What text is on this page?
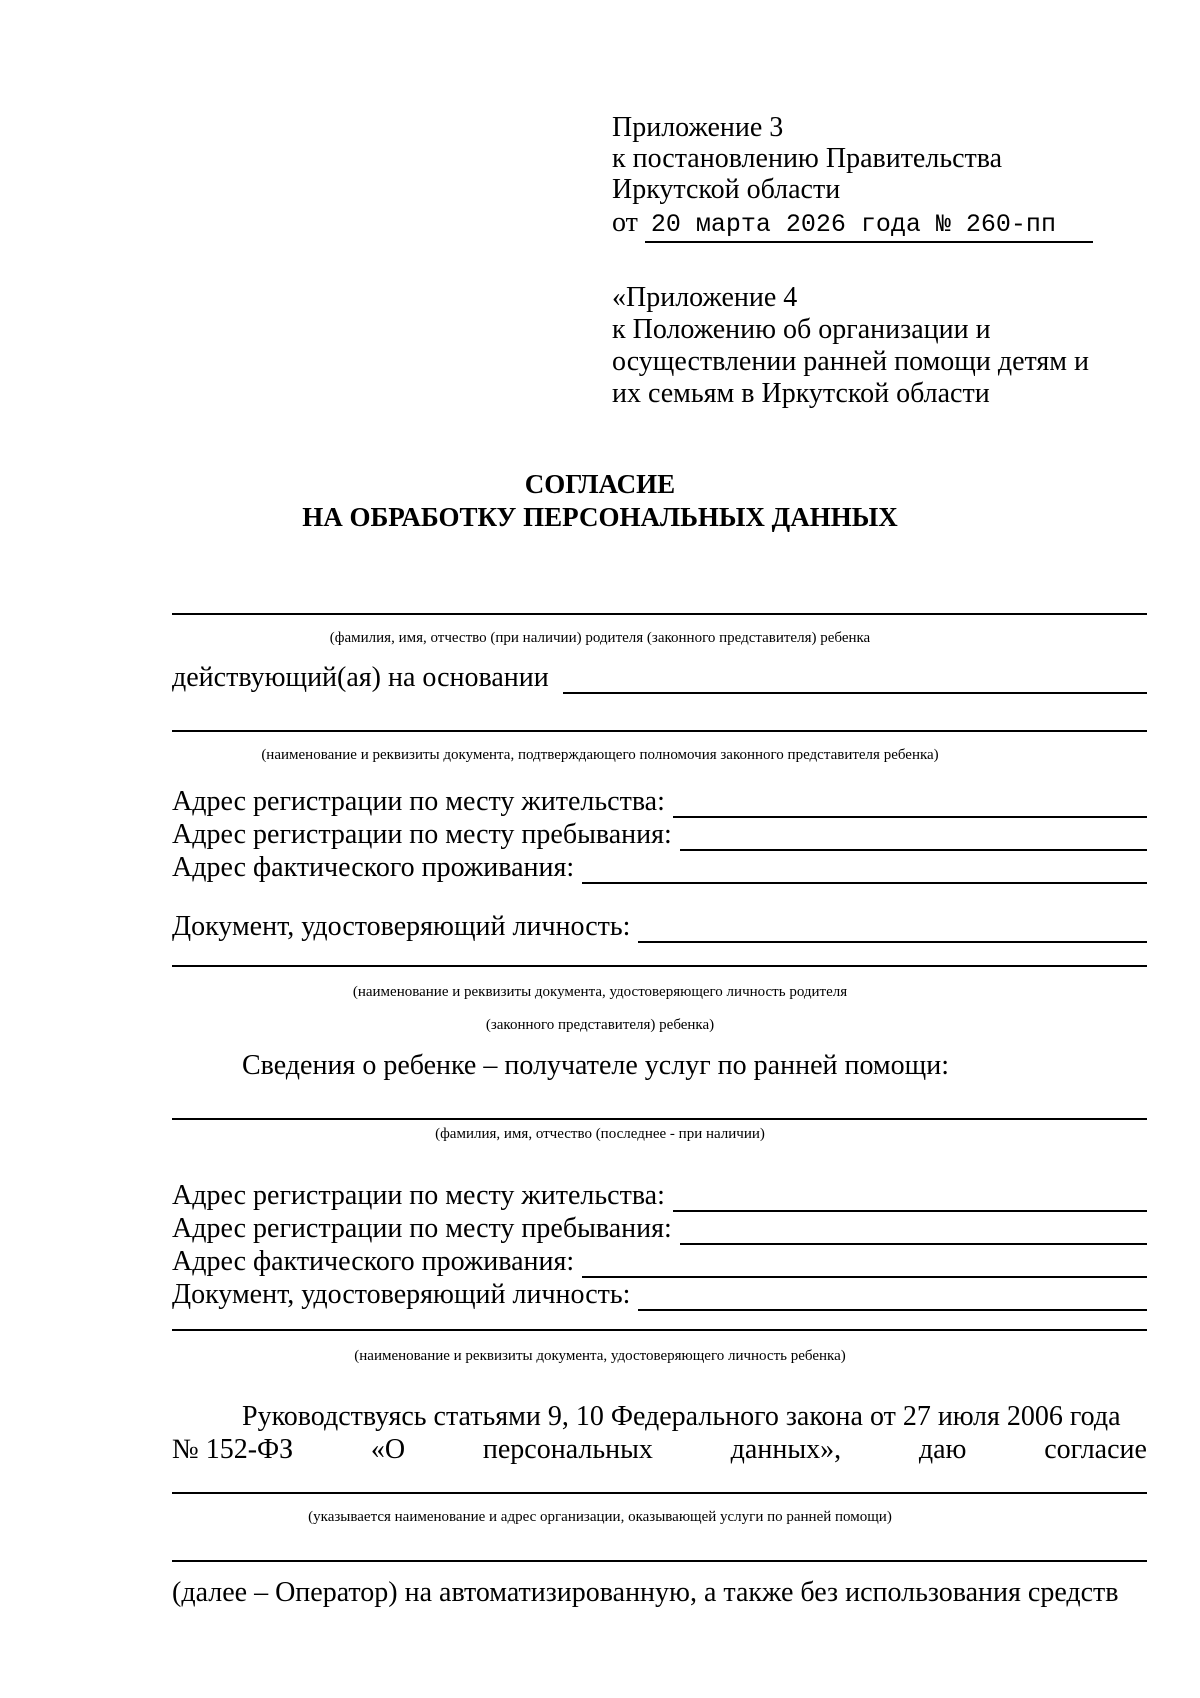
Приложение 3
к постановлению Правительства
Иркутской области
от 20 марта 2026 года № 260-пп
«Приложение 4
к Положению об организации и
осуществлении ранней помощи детям и
их семьям в Иркутской области
СОГЛАСИЕ
НА ОБРАБОТКУ ПЕРСОНАЛЬНЫХ ДАННЫХ
(фамилия, имя, отчество (при наличии) родителя (законного представителя) ребенка
действующий(ая) на основании
(наименование и реквизиты документа, подтверждающего полномочия законного представителя ребенка)
Адрес регистрации по месту жительства:
Адрес регистрации по месту пребывания:
Адрес фактического проживания:
Документ, удостоверяющий личность:
(наименование и реквизиты документа, удостоверяющего личность родителя
(законного представителя) ребенка)
Сведения о ребенке – получателе услуг по ранней помощи:
(фамилия, имя, отчество (последнее - при наличии)
Адрес регистрации по месту жительства:
Адрес регистрации по месту пребывания:
Адрес фактического проживания:
Документ, удостоверяющий личность:
(наименование и реквизиты документа, удостоверяющего личность ребенка)
Руководствуясь статьями 9, 10 Федерального закона от 27 июля 2006 года
№ 152-ФЗ	«О	персональных	данных»,	даю	согласие
(указывается наименование и адрес организации, оказывающей услуги по ранней помощи)
(далее – Оператор) на автоматизированную, а также без использования средств
